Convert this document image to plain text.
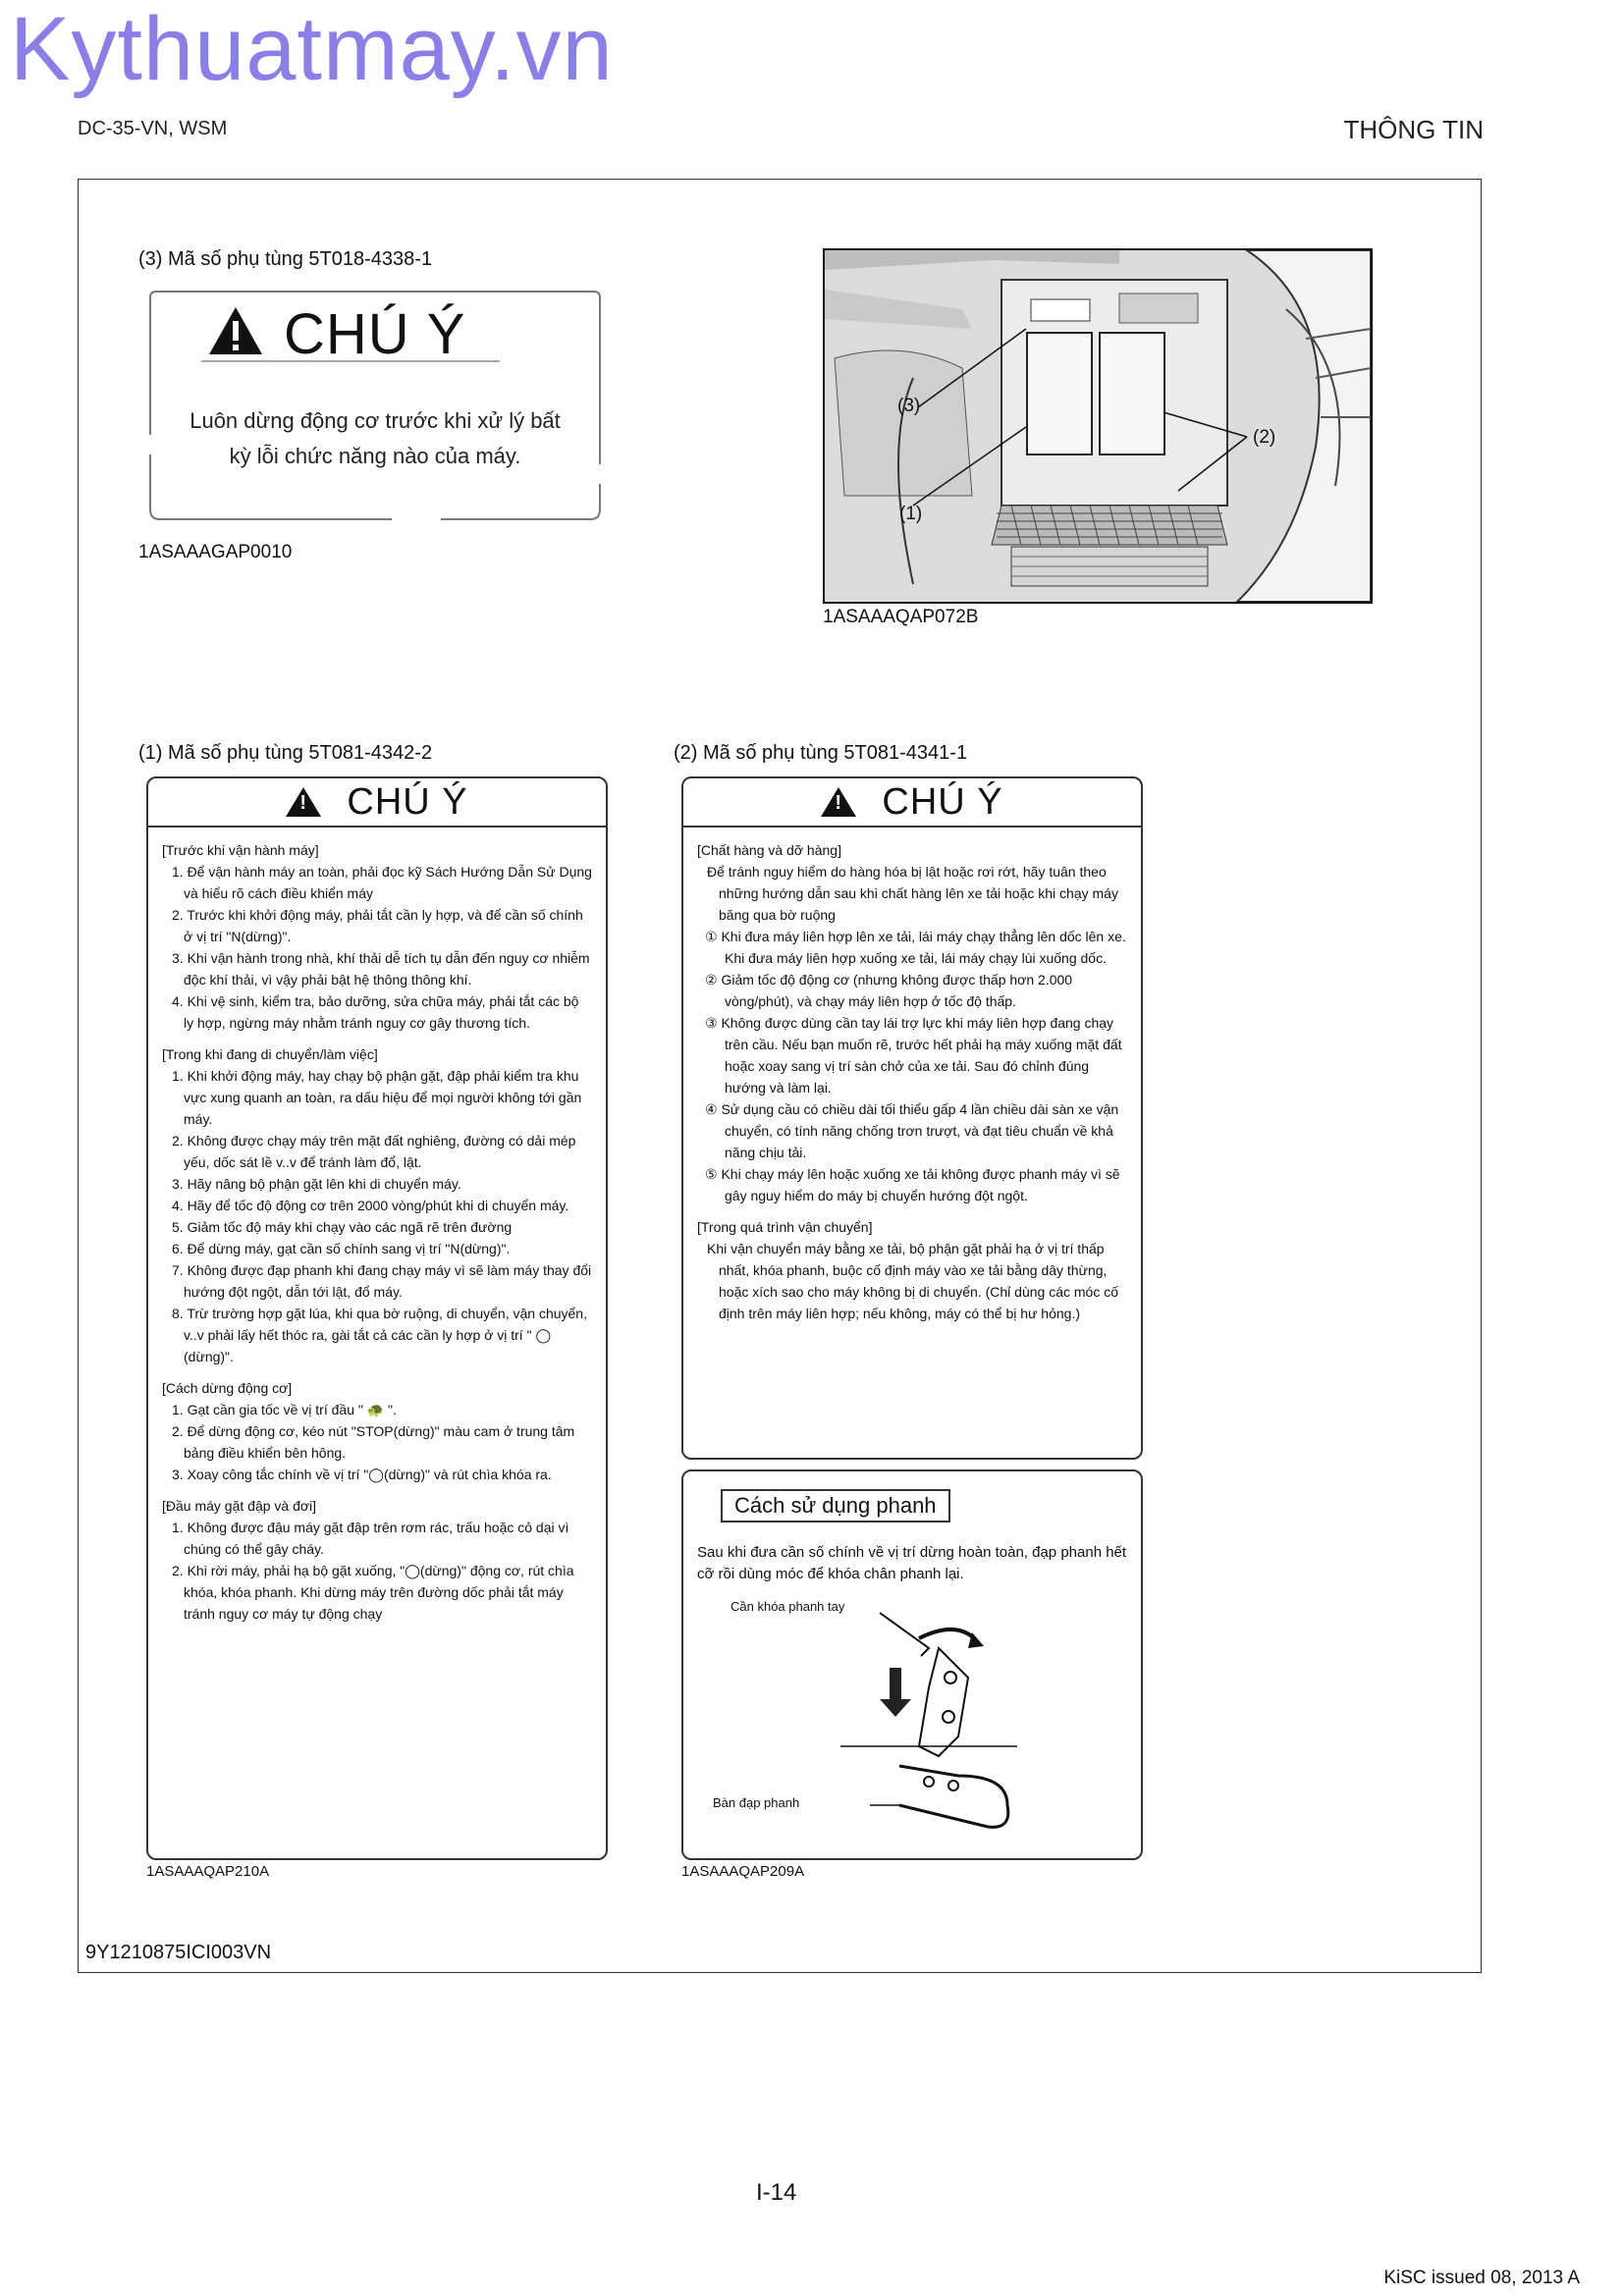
Kythuatmay.vn
DC-35-VN, WSM	THÔNG TIN
(3) Mã số phụ tùng 5T018-4338-1
CHÚ Ý
Luôn dừng động cơ trước khi xử lý bất
kỳ lỗi chức năng nào của máy.
1ASAAAGAP0010
(3)
(2)
(1)
1ASAAAQAP072B
(1) Mã số phụ tùng 5T081-4342-2
!
CHÚ Ý
[Trước khi vận hành máy]
1. Để vận hành máy an toàn, phải đọc kỹ Sách Hướng Dẫn Sử Dụng và hiểu rõ cách điều khiển máy
2. Trước khi khởi động máy, phải tắt cần ly hợp, và để cần số chính ở vị trí "N(dừng)".
3. Khi vận hành trong nhà, khí thải dễ tích tụ dẫn đến nguy cơ nhiễm độc khí thải, vì vậy phải bật hệ thông thông khí.
4. Khi vệ sinh, kiểm tra, bảo dưỡng, sửa chữa máy, phải tắt các bộ ly hợp, ngừng máy nhằm tránh nguy cơ gây thương tích.
[Trong khi đang di chuyển/làm việc]
1. Khi khởi động máy, hay chạy bộ phận gặt, đập phải kiểm tra khu vực xung quanh an toàn, ra dấu hiệu để mọi người không tới gần máy.
2. Không được chạy máy trên mặt đất nghiêng, đường có dải mép yếu, dốc sát lề v..v để tránh làm đổ, lật.
3. Hãy nâng bộ phận gặt lên khi di chuyển máy.
4. Hãy để tốc độ động cơ trên 2000 vòng/phút khi di chuyển máy.
5. Giảm tốc độ máy khi chạy vào các ngã rẽ trên đường
6. Để dừng máy, gạt cần số chính sang vị trí "N(dừng)".
7. Không được đạp phanh khi đang chạy máy vì sẽ làm máy thay đổi hướng đột ngột, dẫn tới lật, đổ máy.
8. Trừ trường hợp gặt lúa, khi qua bờ ruộng, di chuyển, vận chuyển, v..v phải lấy hết thóc ra, gài tắt cả các cần ly hợp ở vị trí " ◯ (dừng)".
[Cách dừng động cơ]
1. Gạt cần gia tốc về vị trí đầu " 🐢 ".
2. Để dừng động cơ, kéo nút "STOP(dừng)" màu cam ở trung tâm bảng điều khiển bên hông.
3. Xoay công tắc chính về vị trí "◯(dừng)" và rút chìa khóa ra.
[Đầu máy gặt đập và đơi]
1. Không được đậu máy gặt đập trên rơm rác, trấu hoặc cỏ dại vì chúng có thể gây cháy.
2. Khi rời máy, phải hạ bộ gặt xuống, "◯(dừng)" động cơ, rút chìa khóa, khóa phanh. Khi dừng máy trên đường dốc phải tắt máy tránh nguy cơ máy tự động chạy
1ASAAAQAP210A
(2) Mã số phụ tùng 5T081-4341-1
!
CHÚ Ý
[Chất hàng và dỡ hàng]
Để tránh nguy hiểm do hàng hóa bị lật hoặc rơi rớt, hãy tuân theo những hướng dẫn sau khi chất hàng lên xe tải hoặc khi chạy máy băng qua bờ ruộng
① Khi đưa máy liên hợp lên xe tải, lái máy chạy thẳng lên dốc lên xe. Khi đưa máy liên hợp xuống xe tải, lái máy chạy lùi xuống dốc.
② Giảm tốc độ động cơ (nhưng không được thấp hơn 2.000 vòng/phút), và chạy máy liên hợp ở tốc độ thấp.
③ Không được dùng cần tay lái trợ lực khi máy liên hợp đang chạy trên cầu. Nếu bạn muốn rẽ, trước hết phải hạ máy xuống mặt đất hoặc xoay sang vị trí sàn chở của xe tải. Sau đó chỉnh đúng hướng và làm lại.
④ Sử dụng cầu có chiều dài tối thiểu gấp 4 lần chiều dài sàn xe vận chuyển, có tính năng chống trơn trượt, và đạt tiêu chuẩn về khả năng chịu tải.
⑤ Khi chạy máy lên hoặc xuống xe tải không được phanh máy vì sẽ gây nguy hiểm do máy bị chuyển hướng đột ngột.
[Trong quá trình vận chuyển]
Khi vận chuyển máy bằng xe tải, bộ phận gặt phải hạ ở vị trí thấp nhất, khóa phanh, buộc cố định máy vào xe tải bằng dây thừng, hoặc xích sao cho máy không bị di chuyển. (Chỉ dùng các móc cố định trên máy liên hợp; nếu không, máy có thể bị hư hỏng.)
Cách sử dụng phanh
Sau khi đưa cần số chính về vị trí dừng hoàn toàn, đạp phanh hết cỡ rồi dùng móc để khóa chân phanh lại.
Cần khóa phanh tay
Bàn đạp phanh
1ASAAAQAP209A
9Y1210875ICI003VN
I-14
KiSC issued 08, 2013 A
